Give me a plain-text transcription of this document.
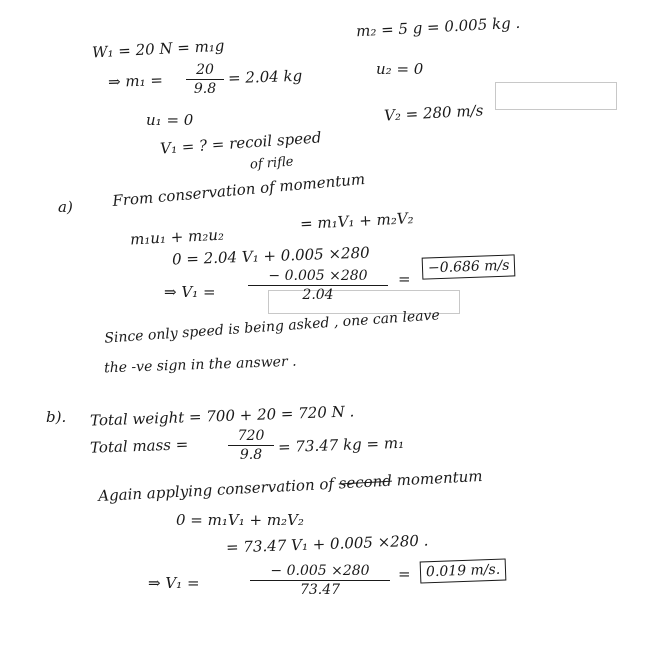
W₁ = 20 N = m₁g
⇒ $m_1 = \frac{20}{9.8} = 2.04$ kg
u₁ = 0
V₁ = ? = recoil speed
of rifle
m₂ = 5 g = 0.005 kg .
u₂ = 0
V₂ = 280 m/s
a)	From conservation of momentum
m₁u₁ + m₂u₂
= m₁V₁ + m₂V₂
0 = 2.04 V₁ + 0.005 ×280
⇒ $V_1 = \frac{- 0.005 \times 280}{2.04}$ =
−0.686 m/s
Since only speed is being asked , one can leave
the -ve sign in the answer .
b). Total weight = 700 + 20 = 720 N .
Total mass =	$\frac{720}{9.8} = 73.47$ kg = m₁
Again applying conservation of second momentum
0 = m₁V₁ + m₂V₂
= 73.47 V₁ + 0.005 ×280 .
⇒ V₁ =	$\frac{- 0.005 \times 280}{73.47}$ =	0.019 m/s.
